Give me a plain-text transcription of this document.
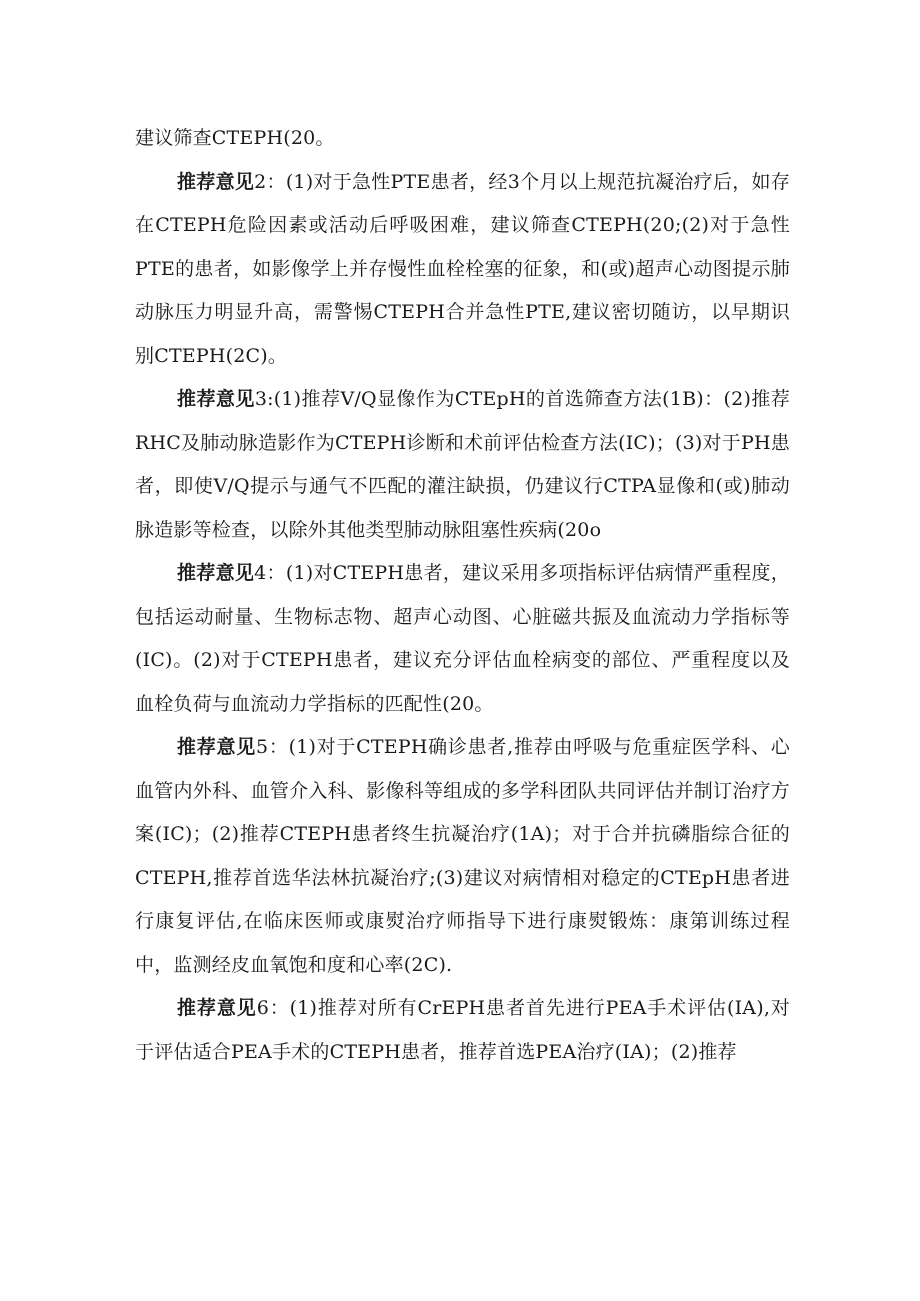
建议筛查CTEPH(20。

推荐意见2：(1)对于急性PTE患者，经3个月以上规范抗凝治疗后，如存在CTEPH危险因素或活动后呼吸困难，建议筛查CTEPH(20;(2)对于急性PTE的患者，如影像学上并存慢性血栓栓塞的征象，和(或)超声心动图提示肺动脉压力明显升高，需警惕CTEPH合并急性PTE,建议密切随访，以早期识别CTEPH(2C)。

推荐意见3:(1)推荐V/Q显像作为CTEpH的首选筛查方法(1B)：(2)推荐RHC及肺动脉造影作为CTEPH诊断和术前评估检查方法(IC)；(3)对于PH患者，即使V/Q提示与通气不匹配的灌注缺损，仍建议行CTPA显像和(或)肺动脉造影等检查，以除外其他类型肺动脉阻塞性疾病(20o

推荐意见4：(1)对CTEPH患者，建议采用多项指标评估病情严重程度，包括运动耐量、生物标志物、超声心动图、心脏磁共振及血流动力学指标等(IC)。(2)对于CTEPH患者，建议充分评估血栓病变的部位、严重程度以及血栓负荷与血流动力学指标的匹配性(20。

推荐意见5：(1)对于CTEPH确诊患者,推荐由呼吸与危重症医学科、心血管内外科、血管介入科、影像科等组成的多学科团队共同评估并制订治疗方案(IC)；(2)推荐CTEPH患者终生抗凝治疗(1A)；对于合并抗磷脂综合征的CTEPH,推荐首选华法林抗凝治疗;(3)建议对病情相对稳定的CTEpH患者进行康复评估,在临床医师或康熨治疗师指导下进行康熨锻炼：康第训练过程中，监测经皮血氧饱和度和心率(2C).

推荐意见6：(1)推荐对所有CrEPH患者首先进行PEA手术评估(IA),对于评估适合PEA手术的CTEPH患者，推荐首选PEA治疗(IA)；(2)推荐
